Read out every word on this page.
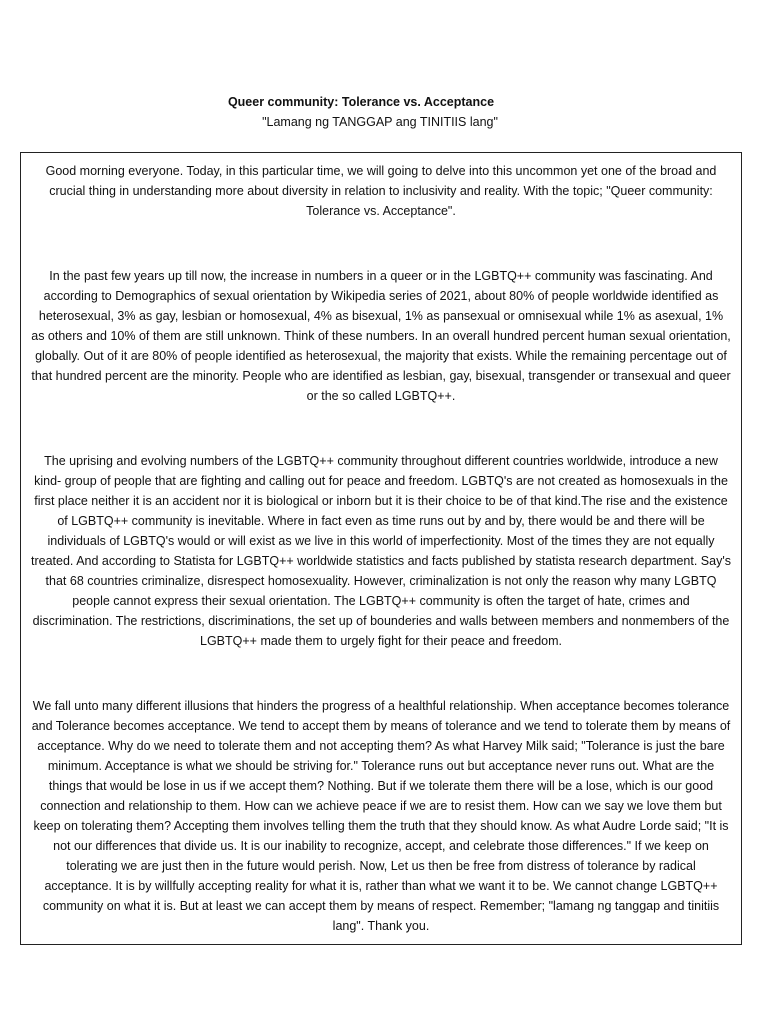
Queer community: Tolerance vs. Acceptance
"Lamang ng TANGGAP ang TINITIIS lang"

Good morning everyone. Today, in this particular time, we will going to delve into this uncommon yet one of the broad and crucial thing in understanding more about diversity in relation to inclusivity and reality. With the topic; "Queer community: Tolerance vs. Acceptance".

In the past few years up till now, the increase in numbers in a queer or in the LGBTQ++ community was fascinating. And according to Demographics of sexual orientation by Wikipedia series of 2021, about 80% of people worldwide identified as heterosexual, 3% as gay, lesbian or homosexual, 4% as bisexual, 1% as pansexual or omnisexual while 1% as asexual, 1% as others and 10% of them are still unknown. Think of these numbers. In an overall hundred percent human sexual orientation, globally. Out of it are 80% of people identified as heterosexual, the majority that exists. While the remaining percentage out of that hundred percent are the minority. People who are identified as lesbian, gay, bisexual, transgender or transexual and queer or the so called LGBTQ++.

The uprising and evolving numbers of the LGBTQ++ community throughout different countries worldwide, introduce a new kind- group of people that are fighting and calling out for peace and freedom. LGBTQ's are not created as homosexuals in the first place neither it is an accident nor it is biological or inborn but it is their choice to be of that kind.The rise and the existence of LGBTQ++ community is inevitable. Where in fact even as time runs out by and by, there would be and there will be individuals of LGBTQ's would or will exist as we live in this world of imperfectionity. Most of the times they are not equally treated. And according to Statista for LGBTQ++ worldwide statistics and facts published by statista research department. Say's that 68 countries criminalize, disrespect homosexuality. However, criminalization is not only the reason why many LGBTQ people cannot express their sexual orientation. The LGBTQ++ community is often the target of hate, crimes and discrimination. The restrictions, discriminations, the set up of bounderies and walls between members and nonmembers of the LGBTQ++ made them to urgely fight for their peace and freedom.

We fall unto many different illusions that hinders the progress of a healthful relationship. When acceptance becomes tolerance and Tolerance becomes acceptance. We tend to accept them by means of tolerance and we tend to tolerate them by means of acceptance. Why do we need to tolerate them and not accepting them? As what Harvey Milk said; "Tolerance is just the bare minimum. Acceptance is what we should be striving for." Tolerance runs out but acceptance never runs out. What are the things that would be lose in us if we accept them? Nothing. But if we tolerate them there will be a lose, which is our good connection and relationship to them. How can we achieve peace if we are to resist them. How can we say we love them but keep on tolerating them? Accepting them involves telling them the truth that they should know. As what Audre Lorde said; "It is not our differences that divide us. It is our inability to recognize, accept, and celebrate those differences." If we keep on tolerating we are just then in the future would perish. Now, Let us then be free from distress of tolerance by radical acceptance. It is by willfully accepting reality for what it is, rather than what we want it to be. We cannot change LGBTQ++ community on what it is. But at least we can accept them by means of respect. Remember; "lamang ng tanggap and tinitiis lang". Thank you.
